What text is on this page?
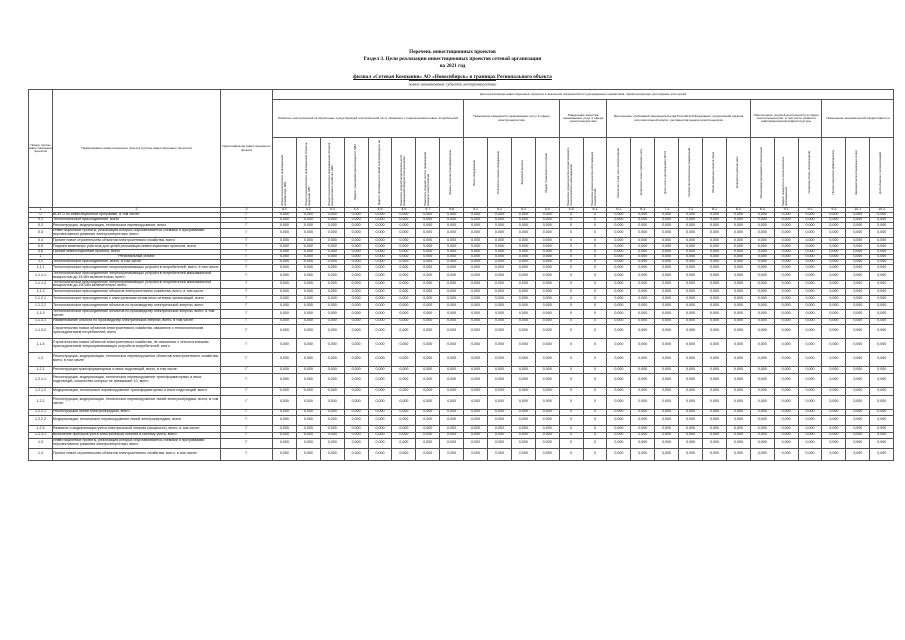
Перечень инвестиционных проектов
Раздел 3. Цели реализации инвестиционных проектов сетевой организации
на 2021 год
филиал «Сетевая Компания» АО «Новосибирск» в границах Регионального объекта
полное наименование субъекта электроэнергетики
Номер группы инвестиционных проектов	Наименование инвестиционного проекта (группы инвестиционных проектов)	Идентификатор инвестиционного проекта	Цели реализации инвестиционных проектов в значениях показателей из утвержденных нормативов, характеризующих достижение этих целей																									
			Развитие электрической сети/усиление существующей электрической сети, связанное с подключением новых потребителей								Повышение надежности оказываемых услуг в сфере электроэнергетики				Повышение качества оказываемых услуг в сфере электроэнергетики		Выполнение требований законодательства Российской Федерации, предписаний органов исполнительной власти, регламентов рынков электроэнергии						Обеспечение текущей деятельности в сфере электроэнергетики, в том числе развитие информационной инфраструктуры			Повышение экономической эффективности		

			Объем технологического присоединения потребителей, МВА	Объем технологического присоединения объектов генерации, МВт	Объем технологического присоединения объектов электросетевого хозяйства, МВА	Прирост трансформаторной мощности, МВА	Прирост протяженности линий электропередачи, км	Показатель средней продолжительности прекращений передачи электроэнергии	Показатель средней частоты прекращений передачи электроэнергии	Уровень загрузки трансформаторов	Износ оборудования	Количество отказов оборудования	Выработка ресурса	Индекс технического состояния	Показатель уровня качества осуществляемого технологического присоединения	Показатель уровня качества обслуживания потребителей	Количество точек учета электроэнергии	Количество точек с приборами учета	Доля учета с интеграцией в ИСУЭ	Количество исполненных предписаний	Объем введенных средств связи	Количество рабочих мест	Объем ввода программного обеспечения	Прирост мощности на технологическое присоединение	Снижение потерь электроэнергии	Прочие показатели эффективности	Экономия эксплуатационных затрат	Доля объектов с автоматизацией

1	2	3	4.1	4.2	4.3	4.4	4.5	4.6	4.7	4.8	5.1	5.2	5.3	5.4	5.5	6.1	6.2	6.3	7.1	7.2	8.1	8.2	8.3	9.1	9.2	9.3	10.1	10.2
0	ВСЕГО по инвестиционной программе, в том числе:	Г	0,000	0,000	0,000	0,000	0,000	0,000	0,000	0,000	0,000	0,000	0,000	0,000	0	0	0,000	0,000	0,000	0,000	0,000	0,000	0,000	0,000	0,000	0,000	0,000	0,000
0.1	Технологическое присоединение, всего	Г	0,000	0,000	0,000	0,000	0,000	0,000	0,000	0,000	0,000	0,000	0,000	0,000	0	0	0,000	0,000	0,000	0,000	0,000	0,000	0,000	0,000	0,000	0,000	0,000	0,000
0.2	Реконструкция, модернизация, техническое перевооружение, всего	Г	0,000	0,000	0,000	0,000	0,000	0,000	0,000	0,000	0,000	0,000	0,000	0,000	0	0	0,000	0,000	0,000	0,000	0,000	0,000	0,000	0,000	0,000	0,000	0,000	0,000
0.3	Инвестиционные проекты, реализация которых обуславливается схемами и программами перспективного развития электроэнергетики, всего	Г	0,000	0,000	0,000	0,000	0,000	0,000	0,000	0,000	0,000	0,000	0,000	0,000	0	0	0,000	0,000	0,000	0,000	0,000	0,000	0,000	0,000	0,000	0,000	0,000	0,000
0.4	Прочее новое строительство объектов электросетевого хозяйства, всего	Г	0,000	0,000	0,000	0,000	0,000	0,000	0,000	0,000	0,000	0,000	0,000	0,000	0	0	0,000	0,000	0,000	0,000	0,000	0,000	0,000	0,000	0,000	0,000	0,000	0,000
0.5	Покупка земельных участков для целей реализации инвестиционных проектов, всего	Г	0,000	0,000	0,000	0,000	0,000	0,000	0,000	0,000	0,000	0,000	0,000	0,000	0	0	0,000	0,000	0,000	0,000	0,000	0,000	0,000	0,000	0,000	0,000	0,000	0,000
0.6	Прочие инвестиционные проекты, всего	Г	0,000	0,000	0,000	0,000	0,000	0,000	0,000	0,000	0,000	0,000	0,000	0,000	0	0	0,000	0,000	0,000	0,000	0,000	0,000	0,000	0,000	0,000	0,000	0,000	0,000
1	Региональный объект	Г	0,000	0,000	0,000	0,000	0,000	0,000	0,000	0,000	0,000	0,000	0,000	0,000	0	0	0,000	0,000	0,000	0,000	0,000	0,000	0,000	0,000	0,000	0,000	0,000	0,000
1.1	Технологическое присоединение, всего, в том числе:	Г	0,000	0,000	0,000	0,000	0,000	0,000	0,000	0,000	0,000	0,000	0,000	0,000	0	0	0,000	0,000	0,000	0,000	0,000	0,000	0,000	0,000	0,000	0,000	0,000	0,000
1.1.1	Технологическое присоединение энергопринимающих устройств потребителей, всего, в том числе:	Г	0,000	0,000	0,000	0,000	0,000	0,000	0,000	0,000	0,000	0,000	0,000	0,000	0	0	0,000	0,000	0,000	0,000	0,000	0,000	0,000	0,000	0,000	0,000	0,000	0,000
1.1.1.1	Технологическое присоединение энергопринимающих устройств потребителей максимальной мощностью до 15 кВт включительно, всего	Г	0,000	0,000	0,000	0,000	0,000	0,000	0,000	0,000	0,000	0,000	0,000	0,000	0	0	0,000	0,000	0,000	0,000	0,000	0,000	0,000	0,000	0,000	0,000	0,000	0,000
1.1.1.2	Технологическое присоединение энергопринимающих устройств потребителей максимальной мощностью до 150 кВт включительно, всего	Г	0,000	0,000	0,000	0,000	0,000	0,000	0,000	0,000	0,000	0,000	0,000	0,000	0	0	0,000	0,000	0,000	0,000	0,000	0,000	0,000	0,000	0,000	0,000	0,000	0,000
1.1.2	Технологическое присоединение объектов электросетевого хозяйства, всего, в том числе:	Г	0,000	0,000	0,000	0,000	0,000	0,000	0,000	0,000	0,000	0,000	0,000	0,000	0	0	0,000	0,000	0,000	0,000	0,000	0,000	0,000	0,000	0,000	0,000	0,000	0,000
1.1.2.1	Технологическое присоединение к электрическим сетям иных сетевых организаций, всего	Г	0,000	0,000	0,000	0,000	0,000	0,000	0,000	0,000	0,000	0,000	0,000	0,000	0	0	0,000	0,000	0,000	0,000	0,000	0,000	0,000	0,000	0,000	0,000	0,000	0,000
1.1.2.2	Технологическое присоединение объектов по производству электрической энергии, всего	Г	0,000	0,000	0,000	0,000	0,000	0,000	0,000	0,000	0,000	0,000	0,000	0,000	0	0	0,000	0,000	0,000	0,000	0,000	0,000	0,000	0,000	0,000	0,000	0,000	0,000
1.1.3	Технологическое присоединение объектов по производству электрической энергии, всего, в том числе:	Г	0,000	0,000	0,000	0,000	0,000	0,000	0,000	0,000	0,000	0,000	0,000	0,000	0	0	0,000	0,000	0,000	0,000	0,000	0,000	0,000	0,000	0,000	0,000	0,000	0,000
1.1.3.1	Наименование объекта по производству электрической энергии, всего, в том числе:	Г	0,000	0,000	0,000	0,000	0,000	0,000	0,000	0,000	0,000	0,000	0,000	0,000	0	0	0,000	0,000	0,000	0,000	0,000	0,000	0,000	0,000	0,000	0,000	0,000	0,000
1.1.3.2	Строительство новых объектов электросетевого хозяйства, связанное с технологическим присоединением потребителей, всего	Г	0,000	0,000	0,000	0,000	0,000	0,000	0,000	0,000	0,000	0,000	0,000	0,000	0	0	0,000	0,000	0,000	0,000	0,000	0,000	0,000	0,000	0,000	0,000	0,000	0,000
1.1.4	Строительство новых объектов электросетевого хозяйства, не связанных с технологическим присоединением энергопринимающих устройств потребителей, всего	Г	0,000	0,000	0,000	0,000	0,000	0,000	0,000	0,000	0,000	0,000	0,000	0,000	0	0	0,000	0,000	0,000	0,000	0,000	0,000	0,000	0,000	0,000	0,000	0,000	0,000
1.2	Реконструкция, модернизация, техническое перевооружение объектов электросетевого хозяйства, всего, в том числе:	Г	0,000	0,000	0,000	0,000	0,000	0,000	0,000	0,000	0,000	0,000	0,000	0,000	0	0	0,000	0,000	0,000	0,000	0,000	0,000	0,000	0,000	0,000	0,000	0,000	0,000
1.2.1	Реконструкция трансформаторных и иных подстанций, всего, в том числе:	Г	0,000	0,000	0,000	0,000	0,000	0,000	0,000	0,000	0,000	0,000	0,000	0,000	0	0	0,000	0,000	0,000	0,000	0,000	0,000	0,000	0,000	0,000	0,000	0,000	0,000
1.2.1.1	Реконструкция, модернизация, техническое перевооружение трансформаторных и иных подстанций, количество которых не превышает 10, всего	Г	0,000	0,000	0,000	0,000	0,000	0,000	0,000	0,000	0,000	0,000	0,000	0,000	0	0	0,000	0,000	0,000	0,000	0,000	0,000	0,000	0,000	0,000	0,000	0,000	0,000
1.2.1.2	Модернизация, техническое перевооружение трансформаторных и иных подстанций, всего	Г	0,000	0,000	0,000	0,000	0,000	0,000	0,000	0,000	0,000	0,000	0,000	0,000	0	0	0,000	0,000	0,000	0,000	0,000	0,000	0,000	0,000	0,000	0,000	0,000	0,000
1.2.2	Реконструкция, модернизация, техническое перевооружение линий электропередачи, всего, в том числе:	Г	0,000	0,000	0,000	0,000	0,000	0,000	0,000	0,000	0,000	0,000	0,000	0,000	0	0	0,000	0,000	0,000	0,000	0,000	0,000	0,000	0,000	0,000	0,000	0,000	0,000
1.2.2.1	Реконструкция линий электропередачи, всего	Г	0,000	0,000	0,000	0,000	0,000	0,000	0,000	0,000	0,000	0,000	0,000	0,000	0	0	0,000	0,000	0,000	0,000	0,000	0,000	0,000	0,000	0,000	0,000	0,000	0,000
1.2.2.2	Модернизация, техническое перевооружение линий электропередачи, всего	Г	0,000	0,000	0,000	0,000	0,000	0,000	0,000	0,000	0,000	0,000	0,000	0,000	0	0	0,000	0,000	0,000	0,000	0,000	0,000	0,000	0,000	0,000	0,000	0,000	0,000
1.2.3	Развитие и модернизация учета электрической энергии (мощности), всего, в том числе:	Г	0,000	0,000	0,000	0,000	0,000	0,000	0,000	0,000	0,000	0,000	0,000	0,000	0	0	0,000	0,000	0,000	0,000	0,000	0,000	0,000	0,000	0,000	0,000	0,000	0,000
1.2.3.1	Включение приборов учета электрической энергии в систему учета, всего	Г	0,000	0,000	0,000	0,000	0,000	0,000	0,000	0,000	0,000	0,000	0,000	0,000	0	0	0,000	0,000	0,000	0,000	0,000	0,000	0,000	0,000	0,000	0,000	0,000	0,000
1.3	Инвестиционные проекты, реализация которых обуславливается схемами и программами перспективного развития электроэнергетики, всего	Г	0,000	0,000	0,000	0,000	0,000	0,000	0,000	0,000	0,000	0,000	0,000	0,000	0	0	0,000	0,000	0,000	0,000	0,000	0,000	0,000	0,000	0,000	0,000	0,000	0,000
1.4	Прочее новое строительство объектов электросетевого хозяйства, всего, в том числе:	Г	0,000	0,000	0,000	0,000	0,000	0,000	0,000	0,000	0,000	0,000	0,000	0,000	0	0	0,000	0,000	0,000	0,000	0,000	0,000	0,000	0,000	0,000	0,000	0,000	0,000
